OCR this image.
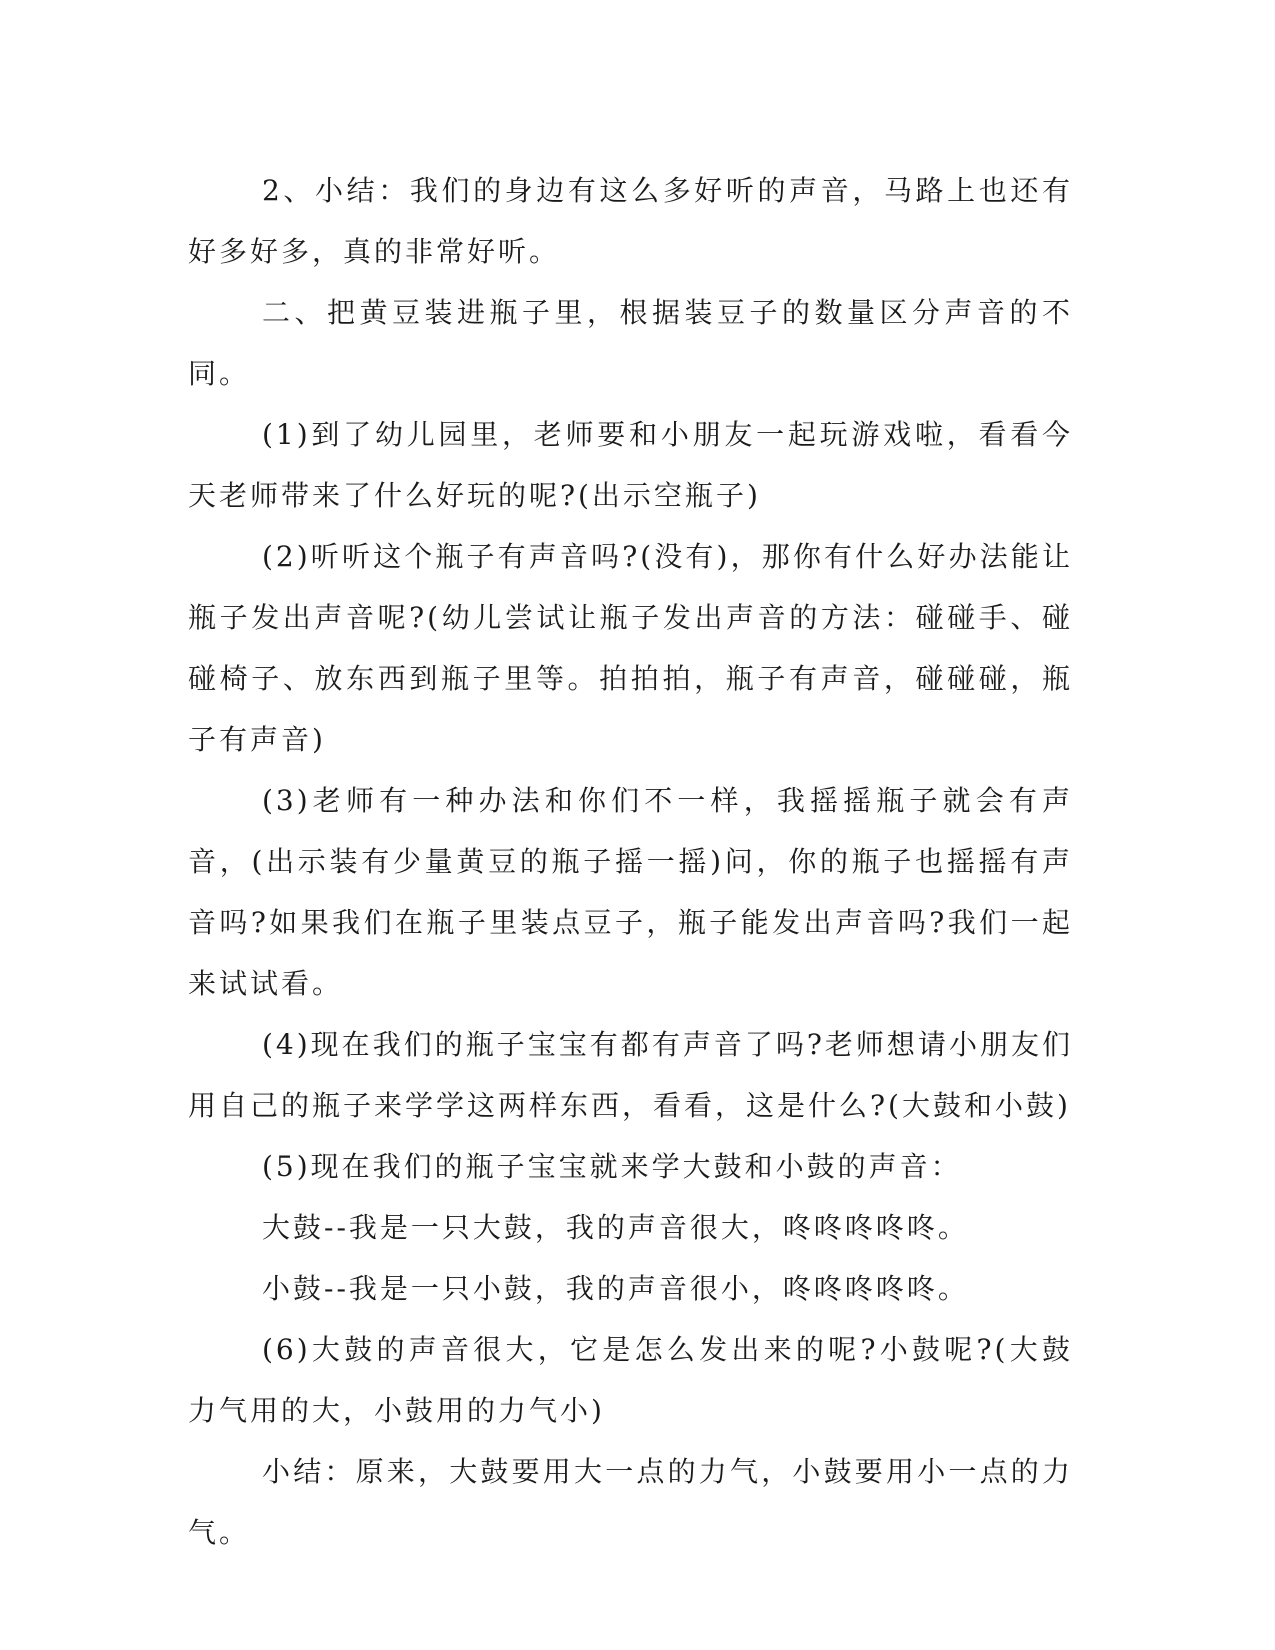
2、小结：我们的身边有这么多好听的声音，马路上也还有好多好多，真的非常好听。

二、把黄豆装进瓶子里，根据装豆子的数量区分声音的不同。

(1)到了幼儿园里，老师要和小朋友一起玩游戏啦，看看今天老师带来了什么好玩的呢?(出示空瓶子)

(2)听听这个瓶子有声音吗?(没有)，那你有什么好办法能让瓶子发出声音呢?(幼儿尝试让瓶子发出声音的方法：碰碰手、碰碰椅子、放东西到瓶子里等。拍拍拍，瓶子有声音，碰碰碰，瓶子有声音)

(3)老师有一种办法和你们不一样，我摇摇瓶子就会有声音，(出示装有少量黄豆的瓶子摇一摇)问，你的瓶子也摇摇有声音吗?如果我们在瓶子里装点豆子，瓶子能发出声音吗?我们一起来试试看。

(4)现在我们的瓶子宝宝有都有声音了吗?老师想请小朋友们用自己的瓶子来学学这两样东西，看看，这是什么?(大鼓和小鼓)

(5)现在我们的瓶子宝宝就来学大鼓和小鼓的声音：

大鼓--我是一只大鼓，我的声音很大，咚咚咚咚咚。

小鼓--我是一只小鼓，我的声音很小，咚咚咚咚咚。

(6)大鼓的声音很大，它是怎么发出来的呢?小鼓呢?(大鼓力气用的大，小鼓用的力气小)

小结：原来，大鼓要用大一点的力气，小鼓要用小一点的力气。
